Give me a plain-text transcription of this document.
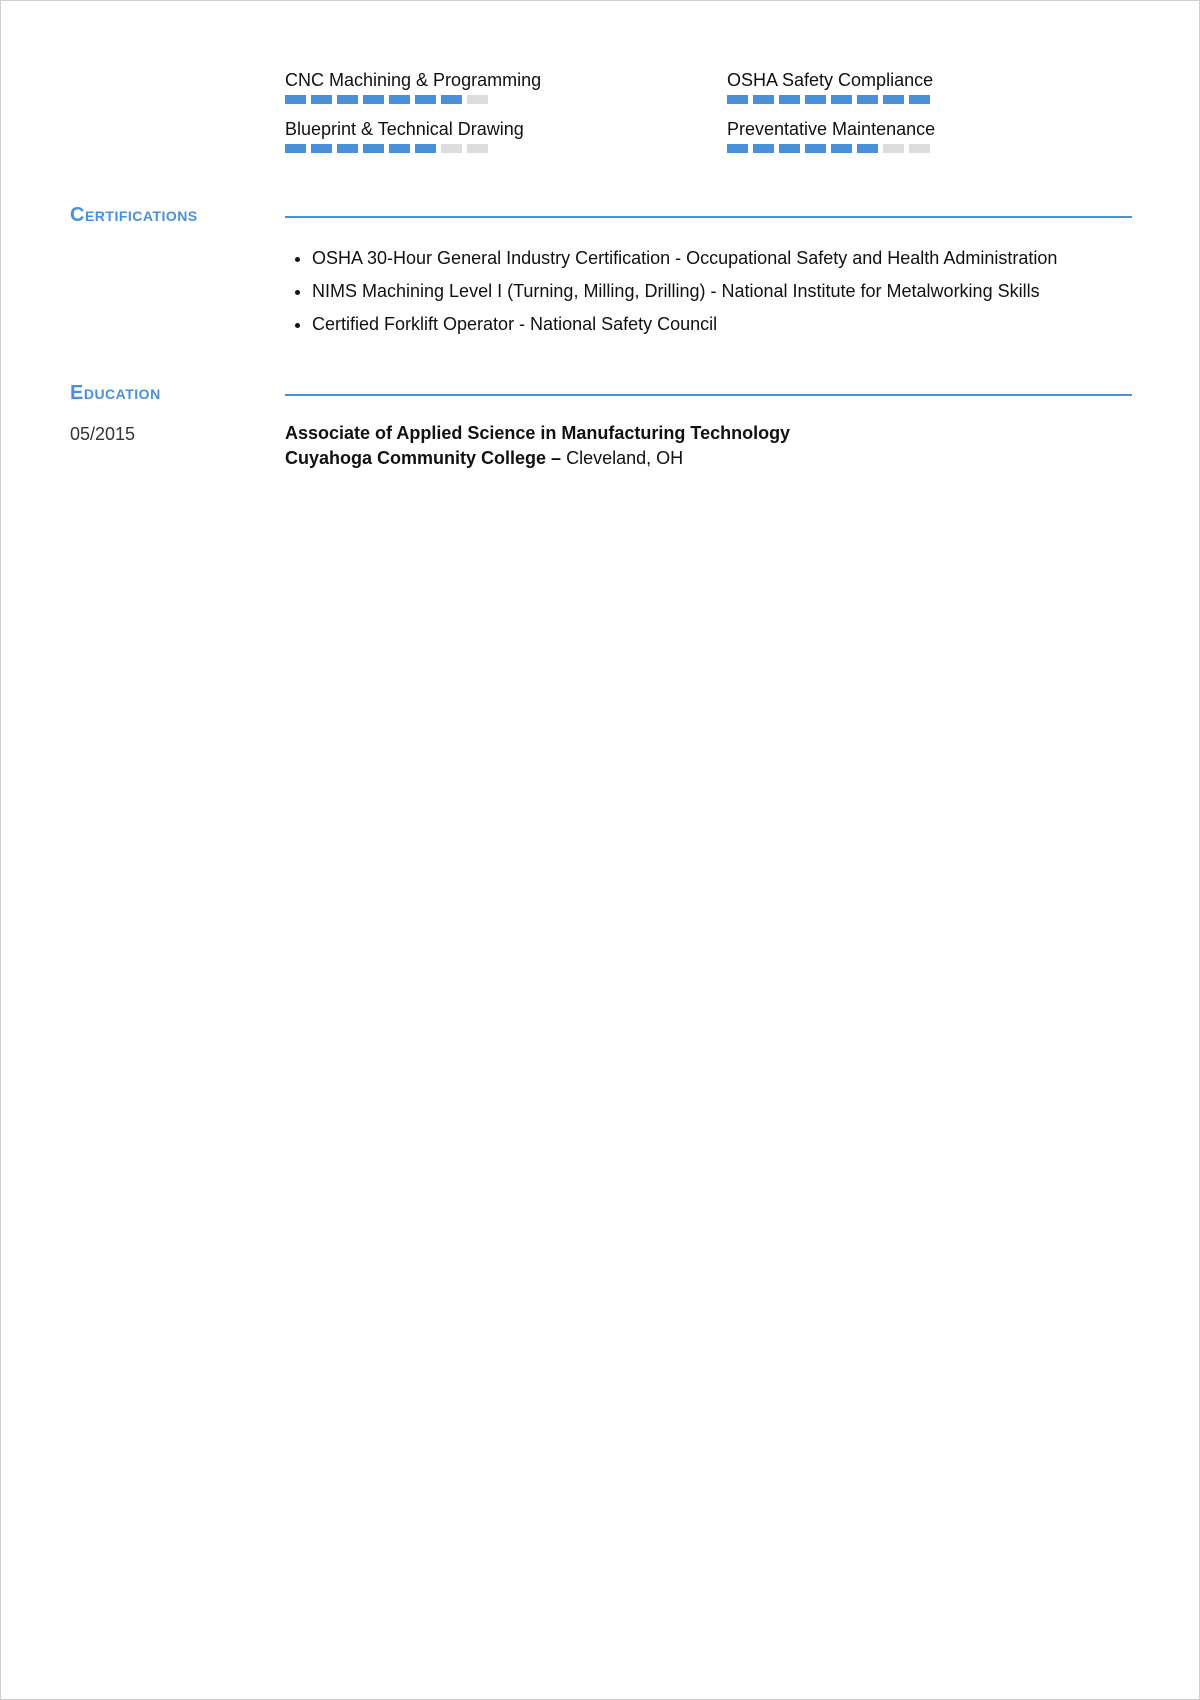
CNC Machining & Programming	OSHA Safety Compliance
Blueprint & Technical Drawing	Preventative Maintenance
Certifications
• OSHA 30-Hour General Industry Certification - Occupational Safety and Health Administration
• NIMS Machining Level I (Turning, Milling, Drilling) - National Institute for Metalworking Skills
• Certified Forklift Operator - National Safety Council
Education
05/2015	Associate of Applied Science in Manufacturing Technology
Cuyahoga Community College – Cleveland, OH
